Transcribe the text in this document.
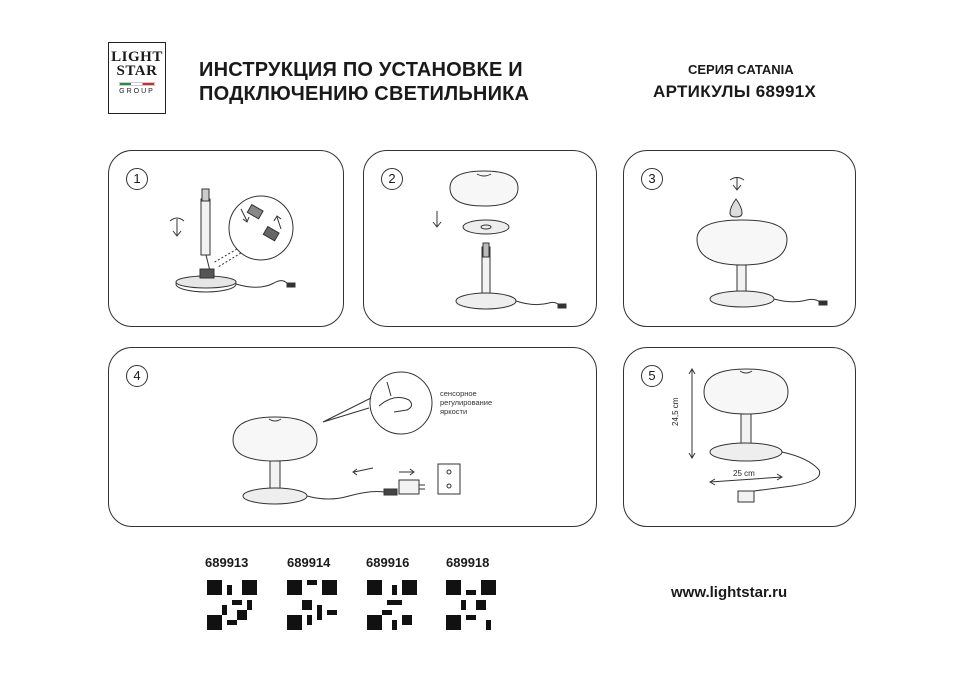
LIGHT
STAR
GROUP
ИНСТРУКЦИЯ ПО УСТАНОВКЕ И
ПОДКЛЮЧЕНИЮ СВЕТИЛЬНИКА
СЕРИЯ CATANIA
АРТИКУЛЫ 68991X
1	2	3
4
сенсорное
регулирование
яркости
5
24,5 cm
25 cm
689913	689914	689916	689918
www.lightstar.ru
